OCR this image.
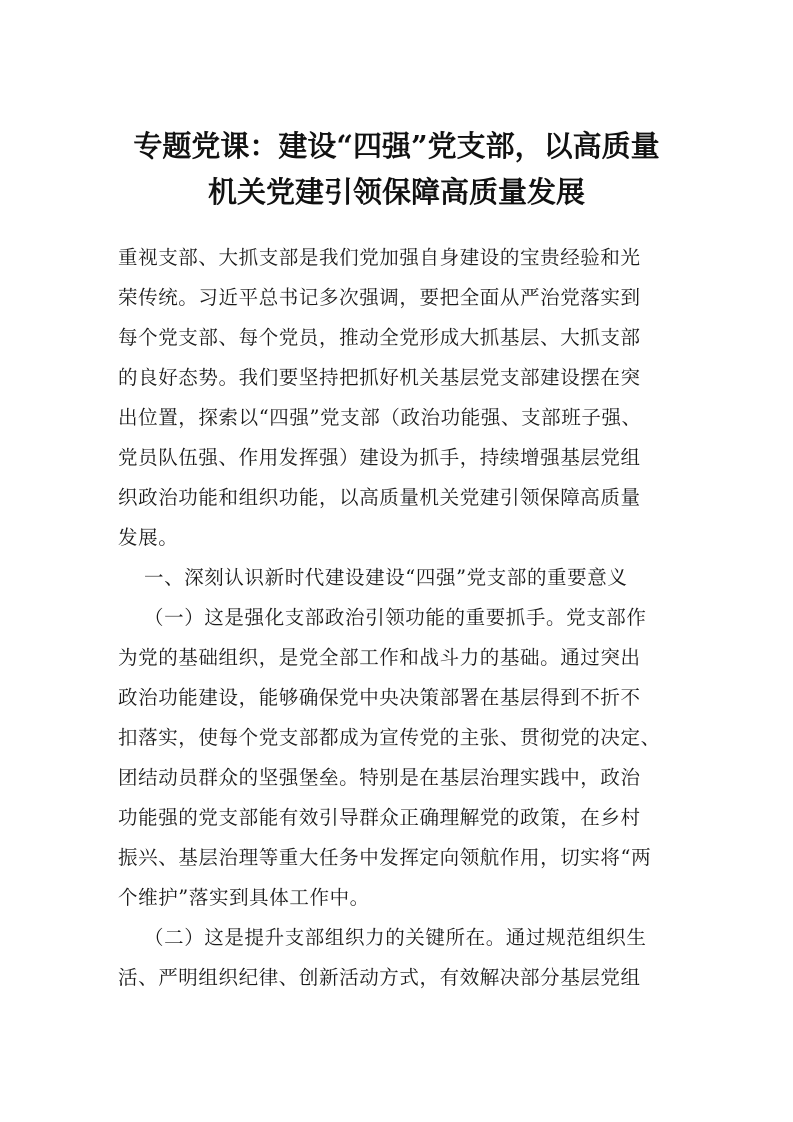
专题党课：建设“四强”党支部，以高质量
机关党建引领保障高质量发展
重视支部、大抓支部是我们党加强自身建设的宝贵经验和光
荣传统。习近平总书记多次强调，要把全面从严治党落实到
每个党支部、每个党员，推动全党形成大抓基层、大抓支部
的良好态势。我们要坚持把抓好机关基层党支部建设摆在突
出位置，探索以“四强”党支部（政治功能强、支部班子强、
党员队伍强、作用发挥强）建设为抓手，持续增强基层党组
织政治功能和组织功能，以高质量机关党建引领保障高质量
发展。
一、深刻认识新时代建设建设“四强”党支部的重要意义
（一）这是强化支部政治引领功能的重要抓手。党支部作
为党的基础组织，是党全部工作和战斗力的基础。通过突出
政治功能建设，能够确保党中央决策部署在基层得到不折不
扣落实，使每个党支部都成为宣传党的主张、贯彻党的决定、
团结动员群众的坚强堡垒。特别是在基层治理实践中，政治
功能强的党支部能有效引导群众正确理解党的政策，在乡村
振兴、基层治理等重大任务中发挥定向领航作用，切实将“两
个维护”落实到具体工作中。
（二）这是提升支部组织力的关键所在。通过规范组织生
活、严明组织纪律、创新活动方式，有效解决部分基层党组
